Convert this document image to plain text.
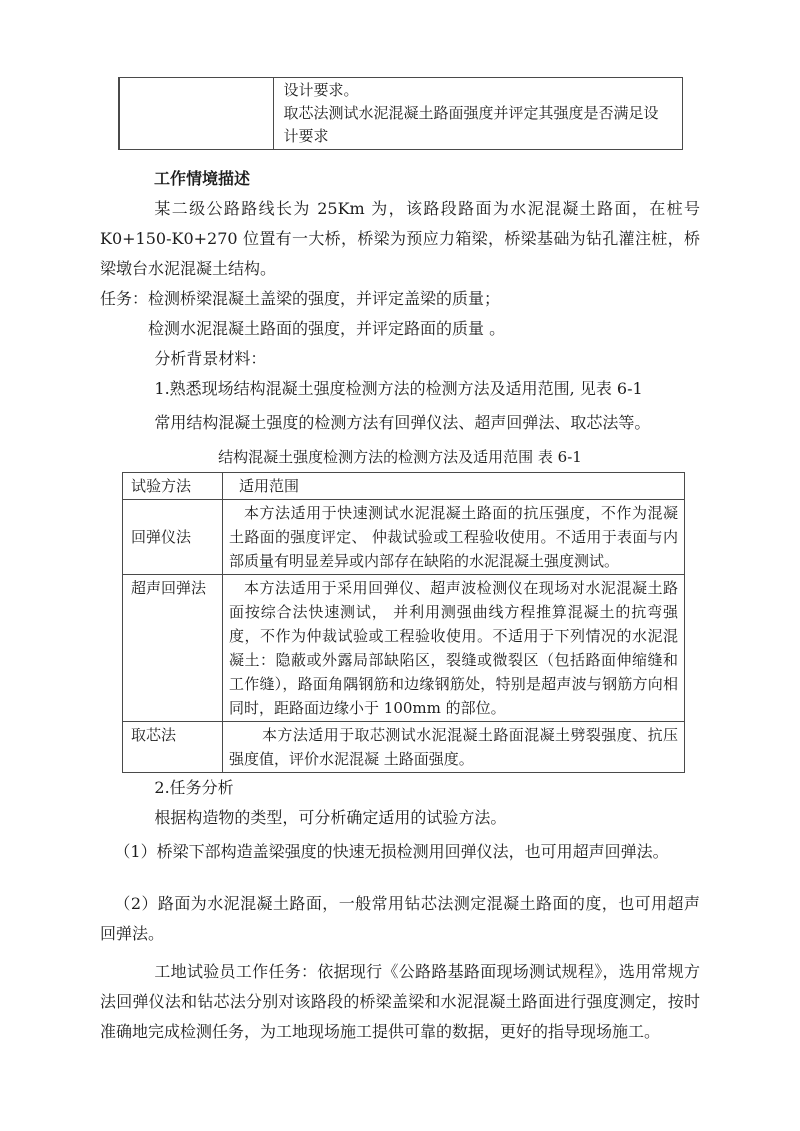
设计要求。

取芯法测试水泥混凝土路面强度并评定其强度是否满足设计要求

工作情境描述

某二级公路路线长为 25Km 为，该路段路面为水泥混凝土路面，在桩号 K0+150-K0+270 位置有一大桥，桥梁为预应力箱梁，桥梁基础为钻孔灌注桩，桥梁墩台水泥混凝土结构。

任务：检测桥梁混凝土盖梁的强度，并评定盖梁的质量；

检测水泥混凝土路面的强度，并评定路面的质量 。

分析背景材料：

1.熟悉现场结构混凝土强度检测方法的检测方法及适用范围, 见表 6-1

常用结构混凝土强度的检测方法有回弹仪法、超声回弹法、取芯法等。

结构混凝土强度检测方法的检测方法及适用范围 表 6-1
试验方法	适用范围
回弹仪法	本方法适用于快速测试水泥混凝土路面的抗压强度，不作为混凝土路面的强度评定、 仲裁试验或工程验收使用。不适用于表面与内部质量有明显差异或内部存在缺陷的水泥混凝土强度测试。
超声回弹法	本方法适用于采用回弹仪、超声波检测仪在现场对水泥混凝土路面按综合法快速测试， 并利用测强曲线方程推算混凝土的抗弯强度，不作为仲裁试验或工程验收使用。不适用于下列情况的水泥混凝土：隐蔽或外露局部缺陷区，裂缝或微裂区（包括路面伸缩缝和工作缝），路面角隅钢筋和边缘钢筋处，特别是超声波与钢筋方向相同时，距路面边缘小于 100mm 的部位。
取芯法	本方法适用于取芯测试水泥混凝土路面混凝土劈裂强度、抗压强度值，评价水泥混凝 土路面强度。

2.任务分析

根据构造物的类型，可分析确定适用的试验方法。

（1）桥梁下部构造盖梁强度的快速无损检测用回弹仪法，也可用超声回弹法。

（2）路面为水泥混凝土路面，一般常用钻芯法测定混凝土路面的度，也可用超声回弹法。

工地试验员工作任务：依据现行《公路路基路面现场测试规程》，选用常规方法回弹仪法和钻芯法分别对该路段的桥梁盖梁和水泥混凝土路面进行强度测定，按时准确地完成检测任务，为工地现场施工提供可靠的数据，更好的指导现场施工。
